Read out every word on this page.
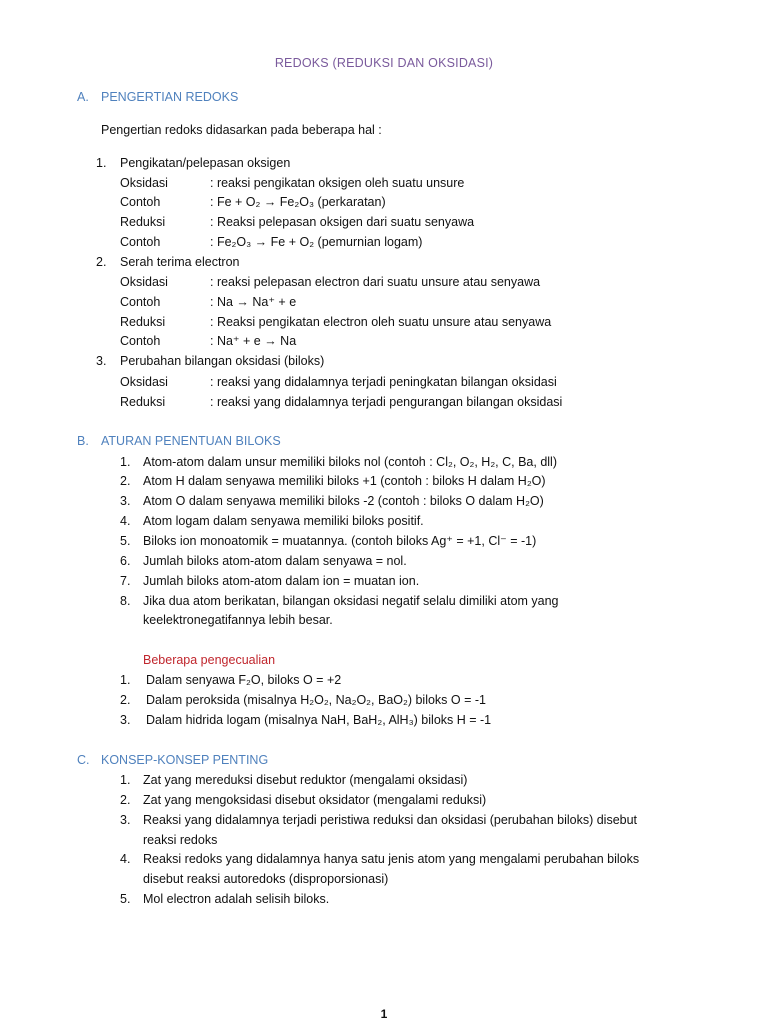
REDOKS (REDUKSI DAN OKSIDASI)
A. PENGERTIAN REDOKS
Pengertian redoks didasarkan pada beberapa hal :
1. Pengikatan/pelepasan oksigen
Oksidasi	: reaksi pengikatan oksigen oleh suatu unsure
Contoh	: Fe + O₂ → Fe₂O₃ (perkaratan)
Reduksi	: Reaksi pelepasan oksigen dari suatu senyawa
Contoh	: Fe₂O₃ → Fe + O₂ (pemurnian logam)
2. Serah terima electron
Oksidasi	: reaksi pelepasan electron dari suatu unsure atau senyawa
Contoh	: Na → Na⁺ + e
Reduksi	: Reaksi pengikatan electron oleh suatu unsure atau senyawa
Contoh	: Na⁺ + e → Na
3. Perubahan bilangan oksidasi (biloks)
Oksidasi	: reaksi yang didalamnya terjadi peningkatan bilangan oksidasi
Reduksi	: reaksi yang didalamnya terjadi pengurangan bilangan oksidasi
B. ATURAN PENENTUAN BILOKS
1. Atom-atom dalam unsur memiliki biloks nol (contoh : Cl₂, O₂, H₂, C, Ba, dll)
2. Atom H dalam senyawa memiliki biloks +1 (contoh : biloks H dalam H₂O)
3. Atom O dalam senyawa memiliki biloks -2 (contoh : biloks O dalam H₂O)
4. Atom logam dalam senyawa memiliki biloks positif.
5. Biloks ion monoatomik = muatannya. (contoh biloks Ag⁺ = +1, Cl⁻ = -1)
6. Jumlah biloks atom-atom dalam senyawa = nol.
7. Jumlah biloks atom-atom dalam ion = muatan ion.
8. Jika dua atom berikatan, bilangan oksidasi negatif selalu dimiliki atom yang
keelektronegatifannya lebih besar.
Beberapa pengecualian
1. Dalam senyawa F₂O, biloks O = +2
2. Dalam peroksida (misalnya H₂O₂, Na₂O₂, BaO₂) biloks O = -1
3. Dalam hidrida logam (misalnya NaH, BaH₂, AlH₃) biloks H = -1
C. KONSEP-KONSEP PENTING
1. Zat yang mereduksi disebut reduktor (mengalami oksidasi)
2. Zat yang mengoksidasi disebut oksidator (mengalami reduksi)
3. Reaksi yang didalamnya terjadi peristiwa reduksi dan oksidasi (perubahan biloks) disebut
reaksi redoks
4. Reaksi redoks yang didalamnya hanya satu jenis atom yang mengalami perubahan biloks
disebut reaksi autoredoks (disproporsionasi)
5. Mol electron adalah selisih biloks.
1
